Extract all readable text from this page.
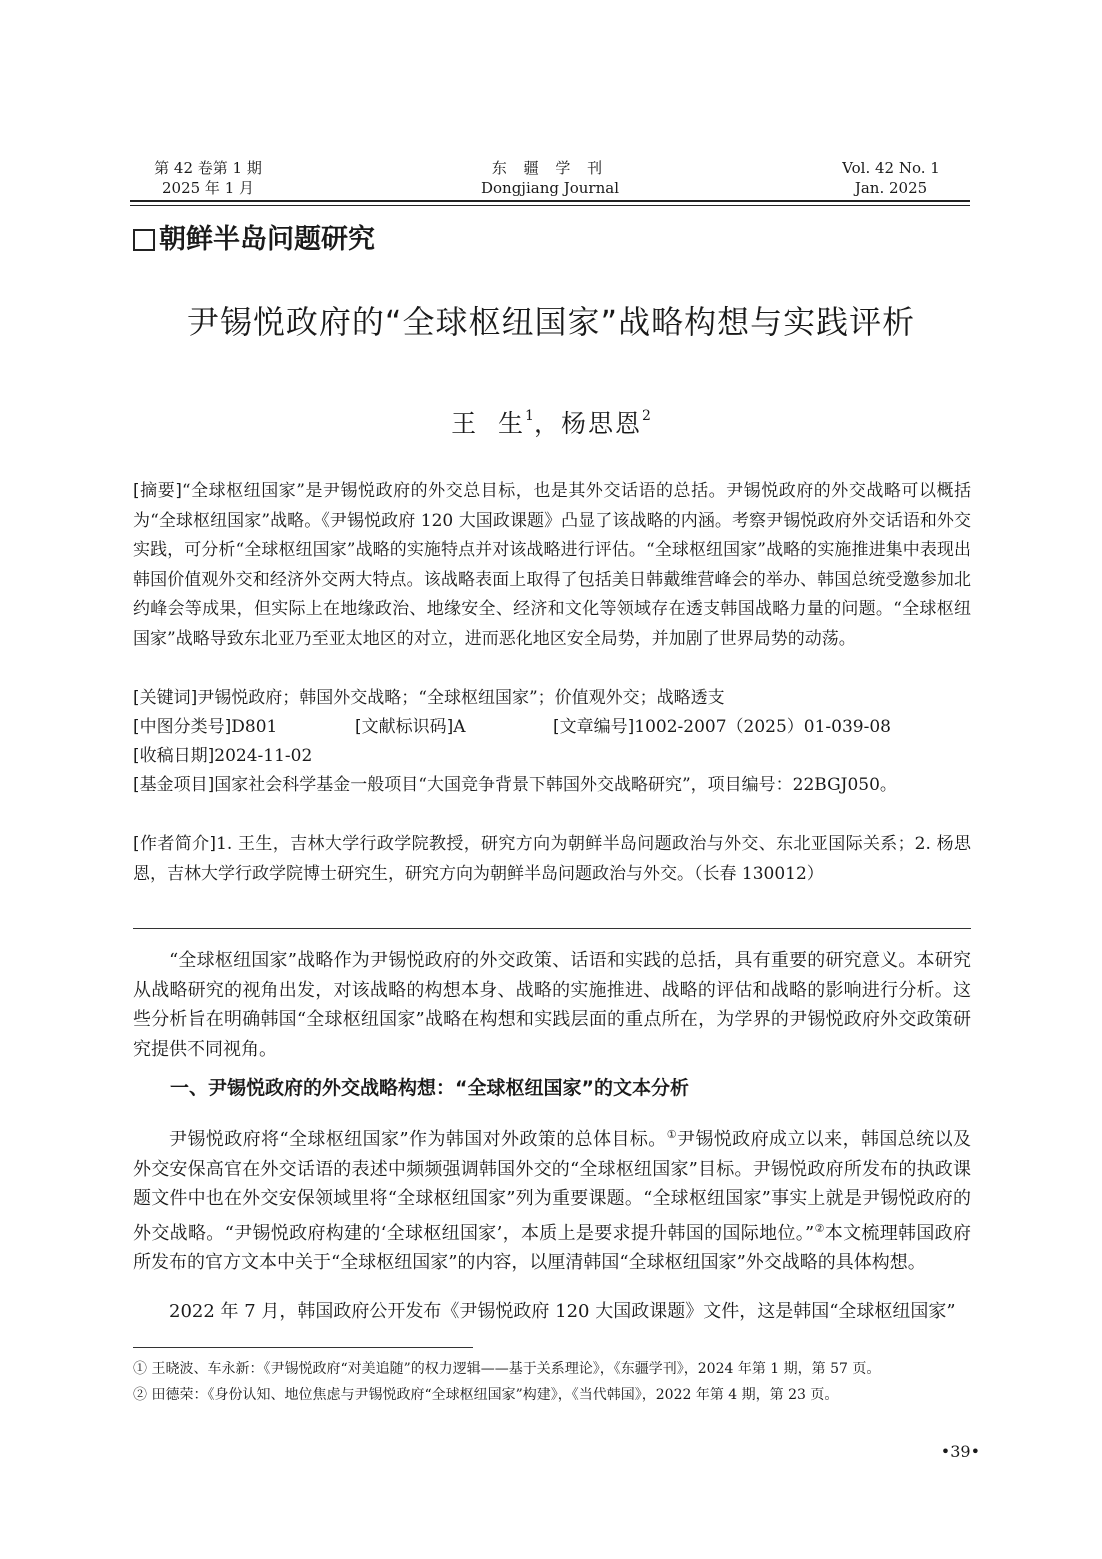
第 42 卷第 1 期
2025 年 1 月
东 疆 学 刊
Dongjiang Journal
Vol. 42 No. 1
Jan. 2025
朝鲜半岛问题研究
尹锡悦政府的“全球枢纽国家”战略构想与实践评析
王  生$^1$，杨思恩$^2$
[摘要]“全球枢纽国家”是尹锡悦政府的外交总目标，也是其外交话语的总括。尹锡悦政府的外交战略可以概括为“全球枢纽国家”战略。《尹锡悦政府 120 大国政课题》凸显了该战略的内涵。考察尹锡悦政府外交话语和外交实践，可分析“全球枢纽国家”战略的实施特点并对该战略进行评估。“全球枢纽国家”战略的实施推进集中表现出韩国价值观外交和经济外交两大特点。该战略表面上取得了包括美日韩戴维营峰会的举办、韩国总统受邀参加北约峰会等成果，但实际上在地缘政治、地缘安全、经济和文化等领域存在透支韩国战略力量的问题。“全球枢纽国家”战略导致东北亚乃至亚太地区的对立，进而恶化地区安全局势，并加剧了世界局势的动荡。
[关键词]尹锡悦政府；韩国外交战略；“全球枢纽国家”；价值观外交；战略透支
[中图分类号]D801	[文献标识码]A	[文章编号]1002-2007（2025）01-039-08
[收稿日期]2024-11-02
[基金项目]国家社会科学基金一般项目“大国竞争背景下韩国外交战略研究”，项目编号：22BGJ050。
[作者简介]1. 王生，吉林大学行政学院教授，研究方向为朝鲜半岛问题政治与外交、东北亚国际关系；2. 杨思恩，吉林大学行政学院博士研究生，研究方向为朝鲜半岛问题政治与外交。（长春 130012）

“全球枢纽国家”战略作为尹锡悦政府的外交政策、话语和实践的总括，具有重要的研究意义。本研究从战略研究的视角出发，对该战略的构想本身、战略的实施推进、战略的评估和战略的影响进行分析。这些分析旨在明确韩国“全球枢纽国家”战略在构想和实践层面的重点所在，为学界的尹锡悦政府外交政策研究提供不同视角。

一、尹锡悦政府的外交战略构想：“全球枢纽国家”的文本分析

尹锡悦政府将“全球枢纽国家”作为韩国对外政策的总体目标。①尹锡悦政府成立以来，韩国总统以及外交安保高官在外交话语的表述中频频强调韩国外交的“全球枢纽国家”目标。尹锡悦政府所发布的执政课题文件中也在外交安保领域里将“全球枢纽国家”列为重要课题。“全球枢纽国家”事实上就是尹锡悦政府的外交战略。“尹锡悦政府构建的‘全球枢纽国家’，本质上是要求提升韩国的国际地位。”②本文梳理韩国政府所发布的官方文本中关于“全球枢纽国家”的内容，以厘清韩国“全球枢纽国家”外交战略的具体构想。

2022 年 7 月，韩国政府公开发布《尹锡悦政府 120 大国政课题》文件，这是韩国“全球枢纽国家”

① 王晓波、车永新：《尹锡悦政府“对美追随”的权力逻辑——基于关系理论》，《东疆学刊》，2024 年第 1 期，第 57 页。
② 田德荣：《身份认知、地位焦虑与尹锡悦政府“全球枢纽国家”构建》，《当代韩国》，2022 年第 4 期，第 23 页。
•39•
